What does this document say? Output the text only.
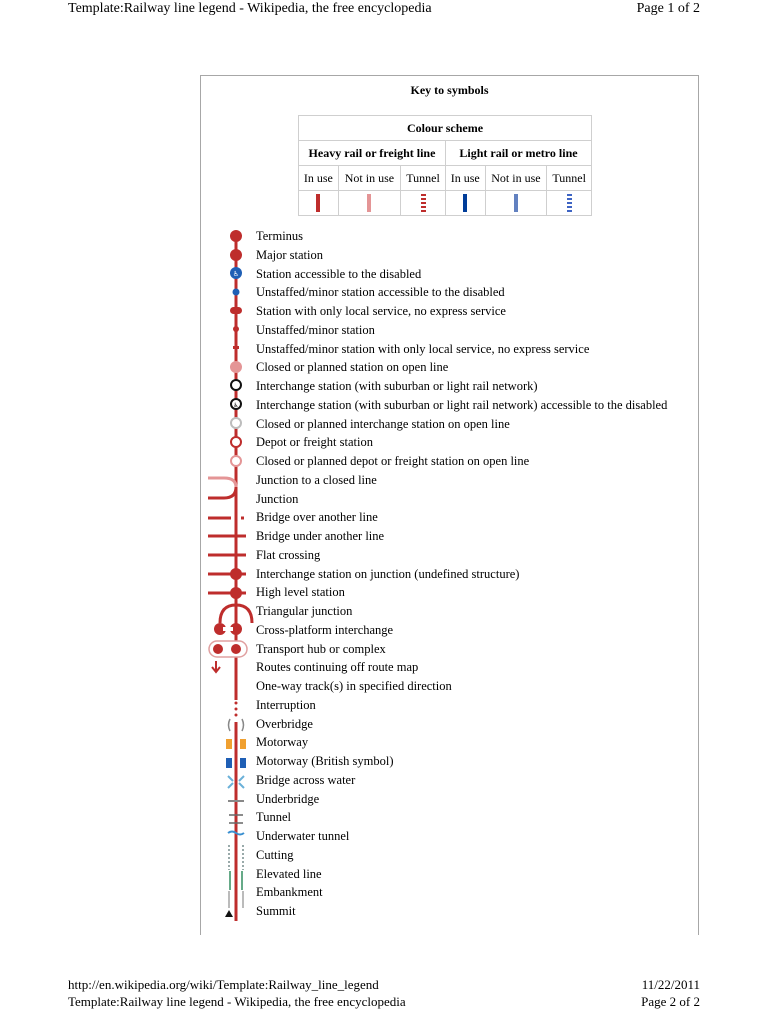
Template:Railway line legend - Wikipedia, the free encyclopedia	Page 1 of 2
Key to symbols
Colour scheme					
Heavy rail or freight line			Light rail or metro line		
In use	Not in use	Tunnel	In use	Not in use	Tunnel

♿
♿
Terminus
Major station
Station accessible to the disabled
Unstaffed/minor station accessible to the disabled
Station with only local service, no express service
Unstaffed/minor station
Unstaffed/minor station with only local service, no express service
Closed or planned station on open line
Interchange station (with suburban or light rail network)
Interchange station (with suburban or light rail network) accessible to the disabled
Closed or planned interchange station on open line
Depot or freight station
Closed or planned depot or freight station on open line
Junction to a closed line
Junction
Bridge over another line
Bridge under another line
Flat crossing
Interchange station on junction (undefined structure)
High level station
Triangular junction
Cross-platform interchange
Transport hub or complex
Routes continuing off route map
One-way track(s) in specified direction
Interruption
Overbridge
Motorway
Motorway (British symbol)
Bridge across water
Underbridge
Tunnel
Underwater tunnel
Cutting
Elevated line
Embankment
Summit
http://en.wikipedia.org/wiki/Template:Railway_line_legend	11/22/2011
Template:Railway line legend - Wikipedia, the free encyclopedia	Page 2 of 2
